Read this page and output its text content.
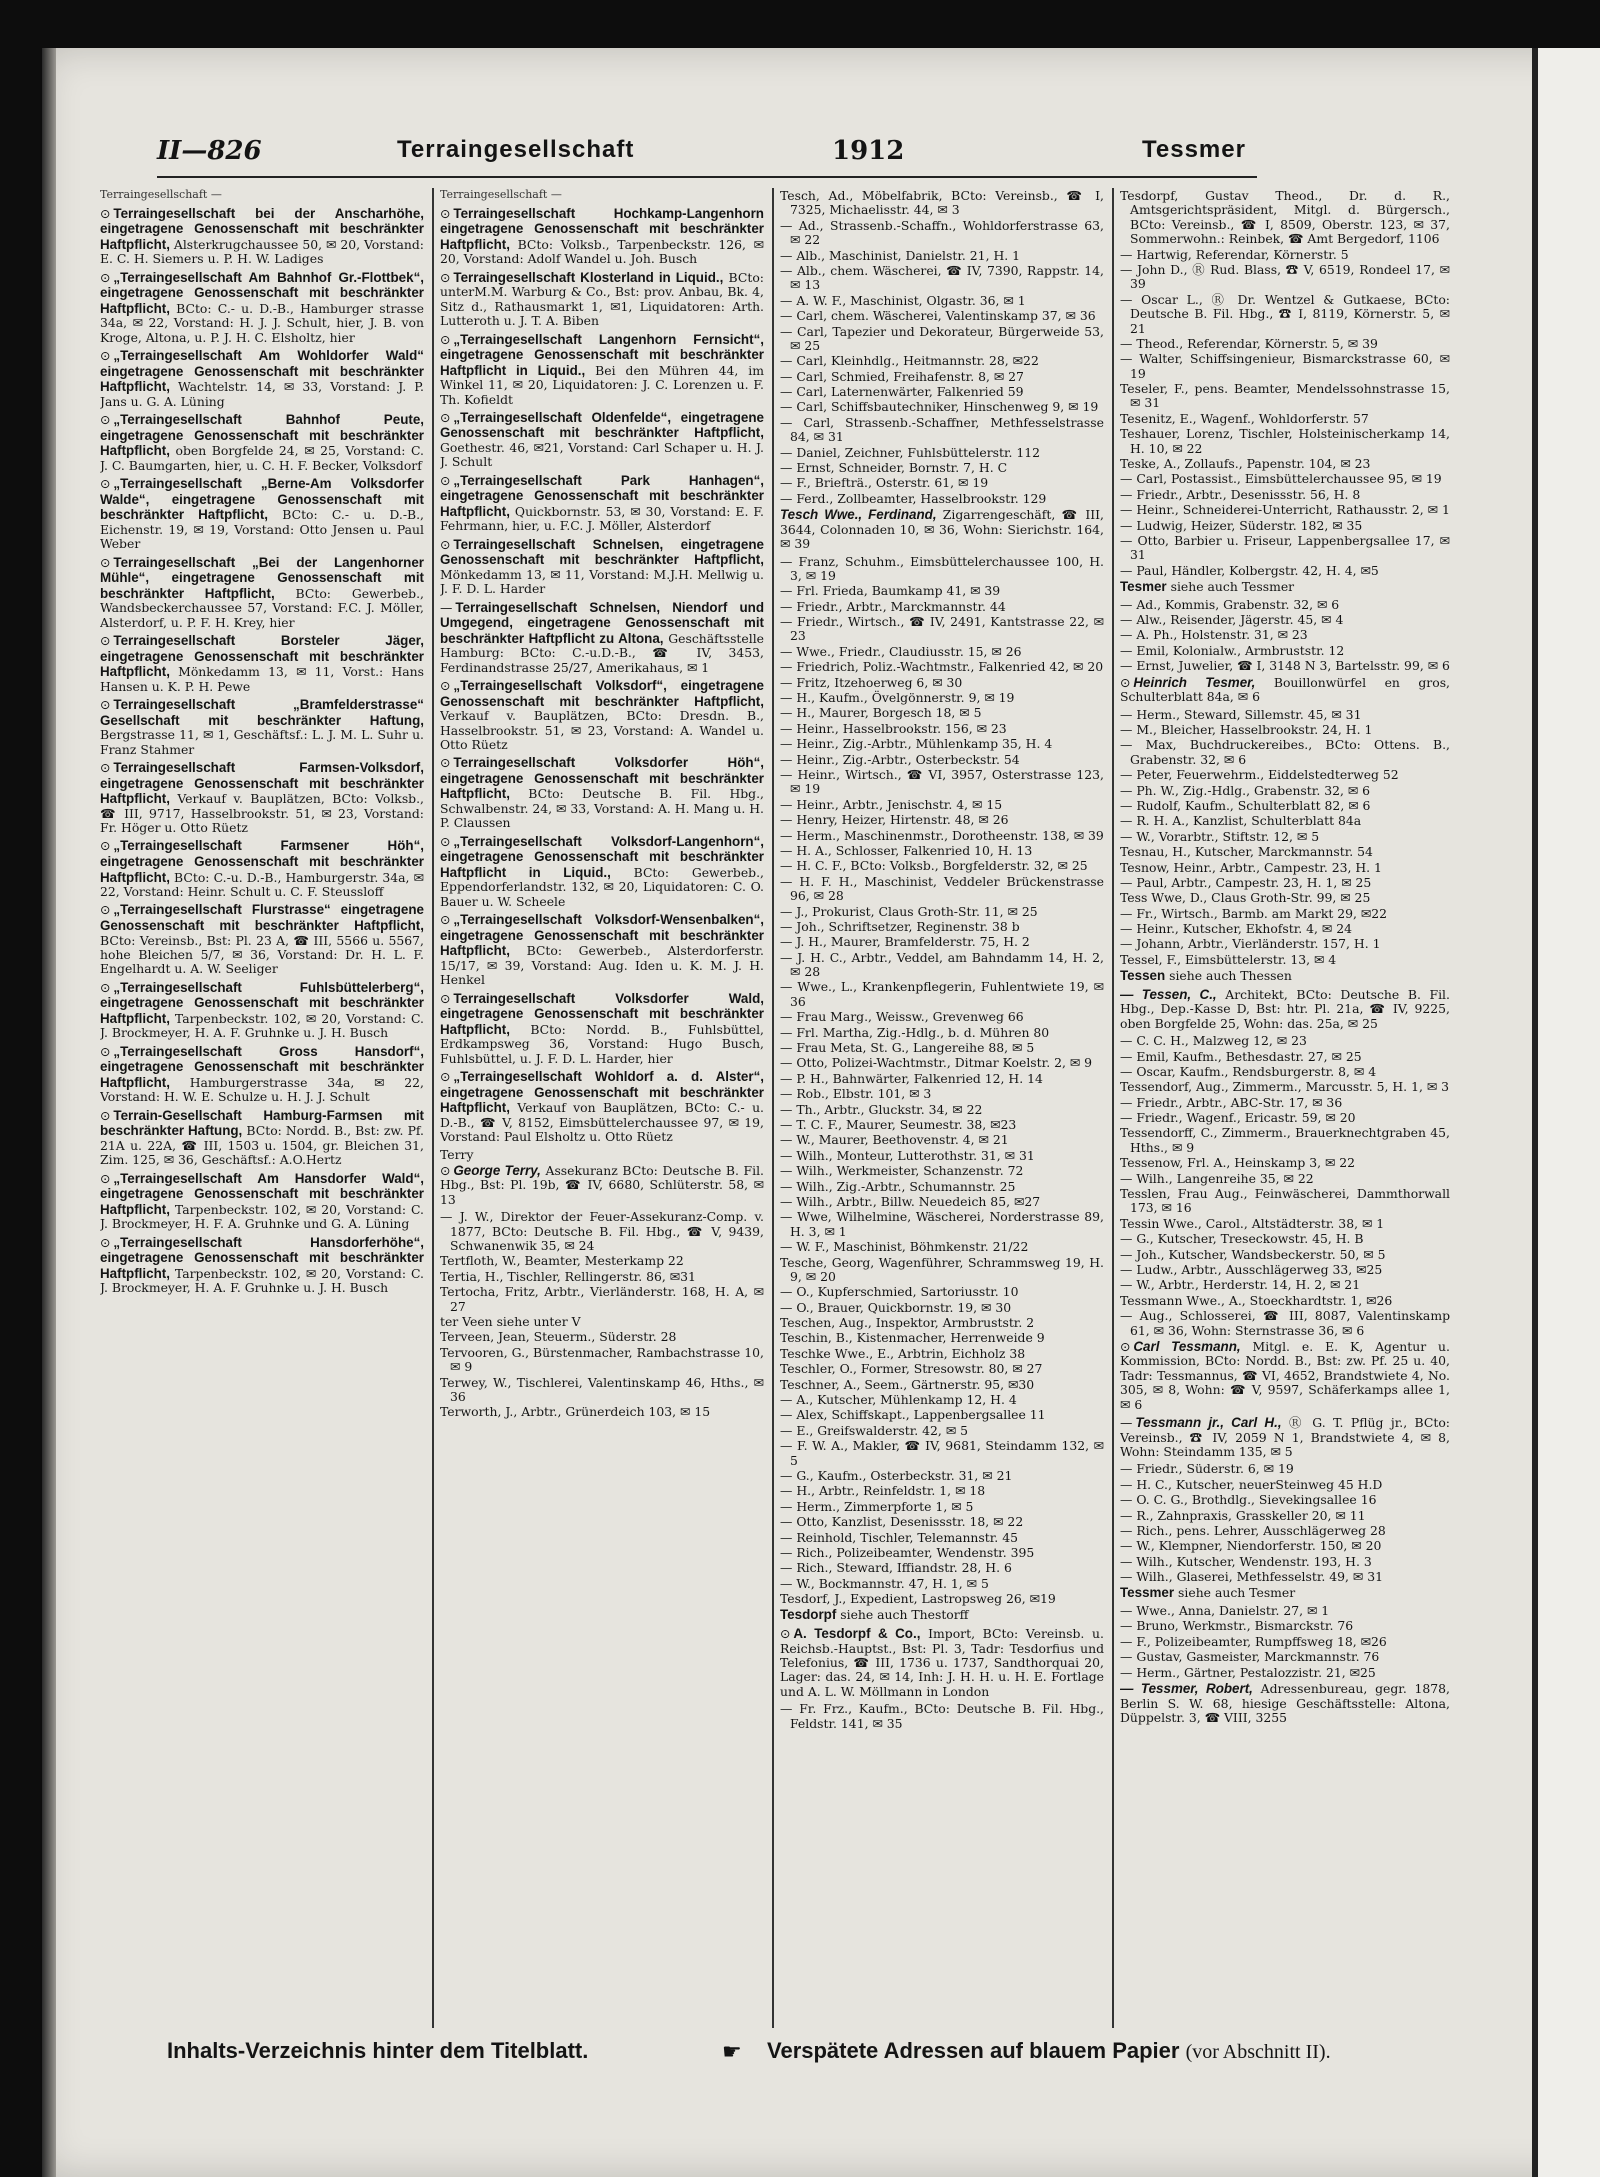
II—826	Terraingesellschaft	1912	Tessmer
Terraingesellschaft —
⊙ Terraingesellschaft bei der Anscharhöhe, eingetragene Genossenschaft mit beschränkter Haftpflicht, Alsterkrugchaussee 50, ✉ 20, Vorstand: E. C. H. Siemers u. P. H. W. Ladiges
⊙ „Terraingesellschaft Am Bahnhof Gr.-Flottbek“, eingetragene Genossenschaft mit beschränkter Haftpflicht, BCto: C.- u. D.-B., Hamburger strasse 34a, ✉ 22, Vorstand: H. J. J. Schult, hier, J. B. von Kroge, Altona, u. P. J. H. C. Elsholtz, hier
⊙ „Terraingesellschaft Am Wohldorfer Wald“ eingetragene Genossenschaft mit beschränkter Haftpflicht, Wachtelstr. 14, ✉ 33, Vorstand: J. P. Jans u. G. A. Lüning
⊙ „Terraingesellschaft Bahnhof Peute, eingetragene Genossenschaft mit beschränkter Haftpflicht, oben Borgfelde 24, ✉ 25, Vorstand: C. J. C. Baumgarten, hier, u. C. H. F. Becker, Volksdorf
⊙ „Terraingesellschaft „Berne-Am Volksdorfer Walde“, eingetragene Genossenschaft mit beschränkter Haftpflicht, BCto: C.- u. D.-B., Eichenstr. 19, ✉ 19, Vorstand: Otto Jensen u. Paul Weber
⊙ Terraingesellschaft „Bei der Langenhorner Mühle“, eingetragene Genossenschaft mit beschränkter Haftpflicht, BCto: Gewerbeb., Wandsbeckerchaussee 57, Vorstand: F.C. J. Möller, Alsterdorf, u. P. F. H. Krey, hier
⊙ Terraingesellschaft Borsteler Jäger, eingetragene Genossenschaft mit beschränkter Haftpflicht, Mönkedamm 13, ✉ 11, Vorst.: Hans Hansen u. K. P. H. Pewe
⊙ Terraingesellschaft „Bramfelderstrasse“ Gesellschaft mit beschränkter Haftung, Bergstrasse 11, ✉ 1, Geschäftsf.: L. J. M. L. Suhr u. Franz Stahmer
⊙ Terraingesellschaft Farmsen-Volksdorf, eingetragene Genossenschaft mit beschränkter Haftpflicht, Verkauf v. Bauplätzen, BCto: Volksb., ☎ III, 9717, Hasselbrookstr. 51, ✉ 23, Vorstand: Fr. Höger u. Otto Rüetz
⊙ „Terraingesellschaft Farmsener Höh“, eingetragene Genossenschaft mit beschränkter Haftpflicht, BCto: C.-u. D.-B., Hamburgerstr. 34a, ✉ 22, Vorstand: Heinr. Schult u. C. F. Steussloff
⊙ „Terraingesellschaft Flurstrasse“ eingetragene Genossenschaft mit beschränkter Haftpflicht, BCto: Vereinsb., Bst: Pl. 23 A, ☎ III, 5566 u. 5567, hohe Bleichen 5/7, ✉ 36, Vorstand: Dr. H. L. F. Engelhardt u. A. W. Seeliger
⊙ „Terraingesellschaft Fuhlsbüttelerberg“, eingetragene Genossenschaft mit beschränkter Haftpflicht, Tarpenbeckstr. 102, ✉ 20, Vorstand: C. J. Brockmeyer, H. A. F. Gruhnke u. J. H. Busch
⊙ „Terraingesellschaft Gross Hansdorf“, eingetragene Genossenschaft mit beschränkter Haftpflicht, Hamburgerstrasse 34a, ✉ 22, Vorstand: H. W. E. Schulze u. H. J. J. Schult
⊙ Terrain-Gesellschaft Hamburg-Farmsen mit beschränkter Haftung, BCto: Nordd. B., Bst: zw. Pf. 21A u. 22A, ☎ III, 1503 u. 1504, gr. Bleichen 31, Zim. 125, ✉ 36, Geschäftsf.: A.O.Hertz
⊙ „Terraingesellschaft Am Hansdorfer Wald“, eingetragene Genossenschaft mit beschränkter Haftpflicht, Tarpenbeckstr. 102, ✉ 20, Vorstand: C. J. Brockmeyer, H. F. A. Gruhnke und G. A. Lüning
⊙ „Terraingesellschaft Hansdorferhöhe“, eingetragene Genossenschaft mit beschränkter Haftpflicht, Tarpenbeckstr. 102, ✉ 20, Vorstand: C. J. Brockmeyer, H. A. F. Gruhnke u. J. H. Busch
Terraingesellschaft —
⊙ Terraingesellschaft Hochkamp-Langenhorn eingetragene Genossenschaft mit beschränkter Haftpflicht, BCto: Volksb., Tarpenbeckstr. 126, ✉ 20, Vorstand: Adolf Wandel u. Joh. Busch
⊙ Terraingesellschaft Klosterland in Liquid., BCto: unterM.M. Warburg & Co., Bst: prov. Anbau, Bk. 4, Sitz d., Rathausmarkt 1, ✉1, Liquidatoren: Arth. Lutteroth u. J. T. A. Biben
⊙ „Terraingesellschaft Langenhorn Fernsicht“, eingetragene Genossenschaft mit beschränkter Haftpflicht in Liquid., Bei den Mühren 44, im Winkel 11, ✉ 20, Liquidatoren: J. C. Lorenzen u. F. Th. Kofieldt
⊙ „Terraingesellschaft Oldenfelde“, eingetragene Genossenschaft mit beschränkter Haftpflicht, Goethestr. 46, ✉21, Vorstand: Carl Schaper u. H. J. J. Schult
⊙ „Terraingesellschaft Park Hanhagen“, eingetragene Genossenschaft mit beschränkter Haftpflicht, Quickbornstr. 53, ✉ 30, Vorstand: E. F. Fehrmann, hier, u. F.C. J. Möller, Alsterdorf
⊙ Terraingesellschaft Schnelsen, eingetragene Genossenschaft mit beschränkter Haftpflicht, Mönkedamm 13, ✉ 11, Vorstand: M.J.H. Mellwig u. J. F. D. L. Harder
— Terraingesellschaft Schnelsen, Niendorf und Umgegend, eingetragene Genossenschaft mit beschränkter Haftpflicht zu Altona, Geschäftsstelle Hamburg: BCto: C.-u.D.-B., ☎ IV, 3453, Ferdinandstrasse 25/27, Amerikahaus, ✉ 1
⊙ „Terraingesellschaft Volksdorf“, eingetragene Genossenschaft mit beschränkter Haftpflicht, Verkauf v. Bauplätzen, BCto: Dresdn. B., Hasselbrookstr. 51, ✉ 23, Vorstand: A. Wandel u. Otto Rüetz
⊙ Terraingesellschaft Volksdorfer Höh“, eingetragene Genossenschaft mit beschränkter Haftpflicht, BCto: Deutsche B. Fil. Hbg., Schwalbenstr. 24, ✉ 33, Vorstand: A. H. Mang u. H. P. Claussen
⊙ „Terraingesellschaft Volksdorf-Langenhorn“, eingetragene Genossenschaft mit beschränkter Haftpflicht in Liquid., BCto: Gewerbeb., Eppendorferlandstr. 132, ✉ 20, Liquidatoren: C. O. Bauer u. W. Scheele
⊙ „Terraingesellschaft Volksdorf-Wensenbalken“, eingetragene Genossenschaft mit beschränkter Haftpflicht, BCto: Gewerbeb., Alsterdorferstr. 15/17, ✉ 39, Vorstand: Aug. Iden u. K. M. J. H. Henkel
⊙ Terraingesellschaft Volksdorfer Wald, eingetragene Genossenschaft mit beschränkter Haftpflicht, BCto: Nordd. B., Fuhlsbüttel, Erdkampsweg 36, Vorstand: Hugo Busch, Fuhlsbüttel, u. J. F. D. L. Harder, hier
⊙ „Terraingesellschaft Wohldorf a. d. Alster“, eingetragene Genossenschaft mit beschränkter Haftpflicht, Verkauf von Bauplätzen, BCto: C.- u. D.-B., ☎ V, 8152, Eimsbüttelerchaussee 97, ✉ 19, Vorstand: Paul Elsholtz u. Otto Rüetz
Terry
⊙ George Terry, Assekuranz BCto: Deutsche B. Fil. Hbg., Bst: Pl. 19b, ☎ IV, 6680, Schlüterstr. 58, ✉13
— J. W., Direktor der Feuer-Assekuranz-Comp. v. 1877, BCto: Deutsche B. Fil. Hbg., ☎ V, 9439, Schwanenwik 35, ✉ 24
Tertfloth, W., Beamter, Mesterkamp 22
Tertia, H., Tischler, Rellingerstr. 86, ✉31
Tertocha, Fritz, Arbtr., Vierländerstr. 168, H. A, ✉ 27
ter Veen siehe unter V
Terveen, Jean, Steuerm., Süderstr. 28
Tervooren, G., Bürstenmacher, Rambachstrasse 10, ✉ 9
Terwey, W., Tischlerei, Valentinskamp 46, Hths., ✉ 36
Terworth, J., Arbtr., Grünerdeich 103, ✉ 15
Tesch, Ad., Möbelfabrik, BCto: Vereinsb., ☎ I, 7325, Michaelisstr. 44, ✉ 3
— Ad., Strassenb.-Schaffn., Wohldorferstrasse 63, ✉ 22
— Alb., Maschinist, Danielstr. 21, H. 1
— Alb., chem. Wäscherei, ☎ IV, 7390, Rappstr. 14, ✉ 13
— A. W. F., Maschinist, Olgastr. 36, ✉ 1
— Carl, chem. Wäscherei, Valentinskamp 37, ✉ 36
— Carl, Tapezier und Dekorateur, Bürgerweide 53, ✉ 25
— Carl, Kleinhdlg., Heitmannstr. 28, ✉22
— Carl, Schmied, Freihafenstr. 8, ✉ 27
— Carl, Laternenwärter, Falkenried 59
— Carl, Schiffsbautechniker, Hinschenweg 9, ✉ 19
— Carl, Strassenb.-Schaffner, Methfesselstrasse 84, ✉ 31
— Daniel, Zeichner, Fuhlsbüttelerstr. 112
— Ernst, Schneider, Bornstr. 7, H. C
— F., Briefträ., Osterstr. 61, ✉ 19
— Ferd., Zollbeamter, Hasselbrookstr. 129
Tesch Wwe., Ferdinand, Zigarrengeschäft, ☎ III, 3644, Colonnaden 10, ✉ 36, Wohn: Sierichstr. 164, ✉ 39
— Franz, Schuhm., Eimsbüttelerchaussee 100, H. 3, ✉ 19
— Frl. Frieda, Baumkamp 41, ✉ 39
— Friedr., Arbtr., Marckmannstr. 44
— Friedr., Wirtsch., ☎ IV, 2491, Kantstrasse 22, ✉ 23
— Wwe., Friedr., Claudiusstr. 15, ✉ 26
— Friedrich, Poliz.-Wachtmstr., Falkenried 42, ✉ 20
— Fritz, Itzehoerweg 6, ✉ 30
— H., Kaufm., Övelgönnerstr. 9, ✉ 19
— H., Maurer, Borgesch 18, ✉ 5
— Heinr., Hasselbrookstr. 156, ✉ 23
— Heinr., Zig.-Arbtr., Mühlenkamp 35, H. 4
— Heinr., Zig.-Arbtr., Osterbeckstr. 54
— Heinr., Wirtsch., ☎ VI, 3957, Osterstrasse 123, ✉ 19
— Heinr., Arbtr., Jenischstr. 4, ✉ 15
— Henry, Heizer, Hirtenstr. 48, ✉ 26
— Herm., Maschinenmstr., Dorotheenstr. 138, ✉ 39
— H. A., Schlosser, Falkenried 10, H. 13
— H. C. F., BCto: Volksb., Borgfelderstr. 32, ✉ 25
— H. F. H., Maschinist, Veddeler Brückenstrasse 96, ✉ 28
— J., Prokurist, Claus Groth-Str. 11, ✉ 25
— Joh., Schriftsetzer, Reginenstr. 38 b
— J. H., Maurer, Bramfelderstr. 75, H. 2
— J. H. C., Arbtr., Veddel, am Bahndamm 14, H. 2, ✉ 28
— Wwe., L., Krankenpflegerin, Fuhlentwiete 19, ✉ 36
— Frau Marg., Weissw., Grevenweg 66
— Frl. Martha, Zig.-Hdlg., b. d. Mühren 80
— Frau Meta, St. G., Langereihe 88, ✉ 5
— Otto, Polizei-Wachtmstr., Ditmar Koelstr. 2, ✉ 9
— P. H., Bahnwärter, Falkenried 12, H. 14
— Rob., Elbstr. 101, ✉ 3
— Th., Arbtr., Gluckstr. 34, ✉ 22
— T. C. F., Maurer, Seumestr. 38, ✉23
— W., Maurer, Beethovenstr. 4, ✉ 21
— Wilh., Monteur, Lutterothstr. 31, ✉ 31
— Wilh., Werkmeister, Schanzenstr. 72
— Wilh., Zig.-Arbtr., Schumannstr. 25
— Wilh., Arbtr., Billw. Neuedeich 85, ✉27
— Wwe, Wilhelmine, Wäscherei, Norderstrasse 89, H. 3, ✉ 1
— W. F., Maschinist, Böhmkenstr. 21/22
Tesche, Georg, Wagenführer, Schrammsweg 19, H. 9, ✉ 20
— O., Kupferschmied, Sartoriusstr. 10
— O., Brauer, Quickbornstr. 19, ✉ 30
Teschen, Aug., Inspektor, Armbruststr. 2
Teschin, B., Kistenmacher, Herrenweide 9
Teschke Wwe., E., Arbtrin, Eichholz 38
Teschler, O., Former, Stresowstr. 80, ✉ 27
Teschner, A., Seem., Gärtnerstr. 95, ✉30
— A., Kutscher, Mühlenkamp 12, H. 4
— Alex, Schiffskapt., Lappenbergsallee 11
— E., Greifswalderstr. 42, ✉ 5
— F. W. A., Makler, ☎ IV, 9681, Steindamm 132, ✉ 5
— G., Kaufm., Osterbeckstr. 31, ✉ 21
— H., Arbtr., Reinfeldstr. 1, ✉ 18
— Herm., Zimmerpforte 1, ✉ 5
— Otto, Kanzlist, Desenissstr. 18, ✉ 22
— Reinhold, Tischler, Telemannstr. 45
— Rich., Polizeibeamter, Wendenstr. 395
— Rich., Steward, Iffiandstr. 28, H. 6
— W., Bockmannstr. 47, H. 1, ✉ 5
Tesdorf, J., Expedient, Lastropsweg 26, ✉19
Tesdorpf siehe auch Thestorff
⊙ A. Tesdorpf & Co., Import, BCto: Vereinsb. u. Reichsb.-Hauptst., Bst: Pl. 3, Tadr: Tesdorfius und Telefonius, ☎ III, 1736 u. 1737, Sandthorquai 20, Lager: das. 24, ✉ 14, Inh: J. H. H. u. H. E. Fortlage und A. L. W. Möllmann in London
— Fr. Frz., Kaufm., BCto: Deutsche B. Fil. Hbg., Feldstr. 141, ✉ 35
Tesdorpf, Gustav Theod., Dr. d. R., Amtsgerichtspräsident, Mitgl. d. Bürgersch., BCto: Vereinsb., ☎ I, 8509, Oberstr. 123, ✉ 37, Sommerwohn.: Reinbek, ☎ Amt Bergedorf, 1106
— Hartwig, Referendar, Körnerstr. 5
— John D., Ⓡ Rud. Blass, ☎ V, 6519, Rondeel 17, ✉ 39
— Oscar L., Ⓡ Dr. Wentzel & Gutkaese, BCto: Deutsche B. Fil. Hbg., ☎ I, 8119, Körnerstr. 5, ✉ 21
— Theod., Referendar, Körnerstr. 5, ✉ 39
— Walter, Schiffsingenieur, Bismarckstrasse 60, ✉ 19
Teseler, F., pens. Beamter, Mendelssohnstrasse 15, ✉ 31
Tesenitz, E., Wagenf., Wohldorferstr. 57
Teshauer, Lorenz, Tischler, Holsteinischerkamp 14, H. 10, ✉ 22
Teske, A., Zollaufs., Papenstr. 104, ✉ 23
— Carl, Postassist., Eimsbüttelerchaussee 95, ✉ 19
— Friedr., Arbtr., Desenissstr. 56, H. 8
— Heinr., Schneiderei-Unterricht, Rathausstr. 2, ✉ 1
— Ludwig, Heizer, Süderstr. 182, ✉ 35
— Otto, Barbier u. Friseur, Lappenbergsallee 17, ✉ 31
— Paul, Händler, Kolbergstr. 42, H. 4, ✉5
Tesmer siehe auch Tessmer
— Ad., Kommis, Grabenstr. 32, ✉ 6
— Alw., Reisender, Jägerstr. 45, ✉ 4
— A. Ph., Holstenstr. 31, ✉ 23
— Emil, Kolonialw., Armbruststr. 12
— Ernst, Juwelier, ☎ I, 3148 N 3, Bartelsstr. 99, ✉ 6
⊙ Heinrich Tesmer, Bouillonwürfel en gros, Schulterblatt 84a, ✉ 6
— Herm., Steward, Sillemstr. 45, ✉ 31
— M., Bleicher, Hasselbrookstr. 24, H. 1
— Max, Buchdruckereibes., BCto: Ottens. B., Grabenstr. 32, ✉ 6
— Peter, Feuerwehrm., Eiddelstedterweg 52
— Ph. W., Zig.-Hdlg., Grabenstr. 32, ✉ 6
— Rudolf, Kaufm., Schulterblatt 82, ✉ 6
— R. H. A., Kanzlist, Schulterblatt 84a
— W., Vorarbtr., Stiftstr. 12, ✉ 5
Tesnau, H., Kutscher, Marckmannstr. 54
Tesnow, Heinr., Arbtr., Campestr. 23, H. 1
— Paul, Arbtr., Campestr. 23, H. 1, ✉ 25
Tess Wwe, D., Claus Groth-Str. 99, ✉ 25
— Fr., Wirtsch., Barmb. am Markt 29, ✉22
— Heinr., Kutscher, Ekhofstr. 4, ✉ 24
— Johann, Arbtr., Vierländerstr. 157, H. 1
Tessel, F., Eimsbüttelerstr. 13, ✉ 4
Tessen siehe auch Thessen
— Tessen, C., Architekt, BCto: Deutsche B. Fil. Hbg., Dep.-Kasse D, Bst: htr. Pl. 21a, ☎ IV, 9225, oben Borgfelde 25, Wohn: das. 25a, ✉ 25
— C. C. H., Malzweg 12, ✉ 23
— Emil, Kaufm., Bethesdastr. 27, ✉ 25
— Oscar, Kaufm., Rendsburgerstr. 8, ✉ 4
Tessendorf, Aug., Zimmerm., Marcusstr. 5, H. 1, ✉ 3
— Friedr., Arbtr., ABC-Str. 17, ✉ 36
— Friedr., Wagenf., Ericastr. 59, ✉ 20
Tessendorff, C., Zimmerm., Brauerknechtgraben 45, Hths., ✉ 9
Tessenow, Frl. A., Heinskamp 3, ✉ 22
— Wilh., Langenreihe 35, ✉ 22
Tesslen, Frau Aug., Feinwäscherei, Dammthorwall 173, ✉ 16
Tessin Wwe., Carol., Altstädterstr. 38, ✉ 1
— G., Kutscher, Treseckowstr. 45, H. B
— Joh., Kutscher, Wandsbeckerstr. 50, ✉ 5
— Ludw., Arbtr., Ausschlägerweg 33, ✉25
— W., Arbtr., Herderstr. 14, H. 2, ✉ 21
Tessmann Wwe., A., Stoeckhardtstr. 1, ✉26
— Aug., Schlosserei, ☎ III, 8087, Valentinskamp 61, ✉ 36, Wohn: Sternstrasse 36, ✉ 6
⊙ Carl Tessmann, Mitgl. e. E. K, Agentur u. Kommission, BCto: Nordd. B., Bst: zw. Pf. 25 u. 40, Tadr: Tessmannus, ☎ VI, 4652, Brandstwiete 4, No. 305, ✉ 8, Wohn: ☎ V, 9597, Schäferkamps allee 1, ✉ 6
— Tessmann jr., Carl H., Ⓡ G. T. Pflüg jr., BCto: Vereinsb., ☎ IV, 2059 N 1, Brandstwiete 4, ✉ 8, Wohn: Steindamm 135, ✉ 5
— Friedr., Süderstr. 6, ✉ 19
— H. C., Kutscher, neuerSteinweg 45 H.D
— O. C. G., Brothdlg., Sievekingsallee 16
— R., Zahnpraxis, Grasskeller 20, ✉ 11
— Rich., pens. Lehrer, Ausschlägerweg 28
— W., Klempner, Niendorferstr. 150, ✉ 20
— Wilh., Kutscher, Wendenstr. 193, H. 3
— Wilh., Glaserei, Methfesselstr. 49, ✉ 31
Tessmer siehe auch Tesmer
— Wwe., Anna, Danielstr. 27, ✉ 1
— Bruno, Werkmstr., Bismarckstr. 76
— F., Polizeibeamter, Rumpffsweg 18, ✉26
— Gustav, Gasmeister, Marckmannstr. 76
— Herm., Gärtner, Pestalozzistr. 21, ✉25
— Tessmer, Robert, Adressenbureau, gegr. 1878, Berlin S. W. 68, hiesige Geschäftsstelle: Altona, Düppelstr. 3, ☎ VIII, 3255
Inhalts-Verzeichnis hinter dem Titelblatt.	☛ Verspätete Adressen auf blauem Papier (vor Abschnitt II).
